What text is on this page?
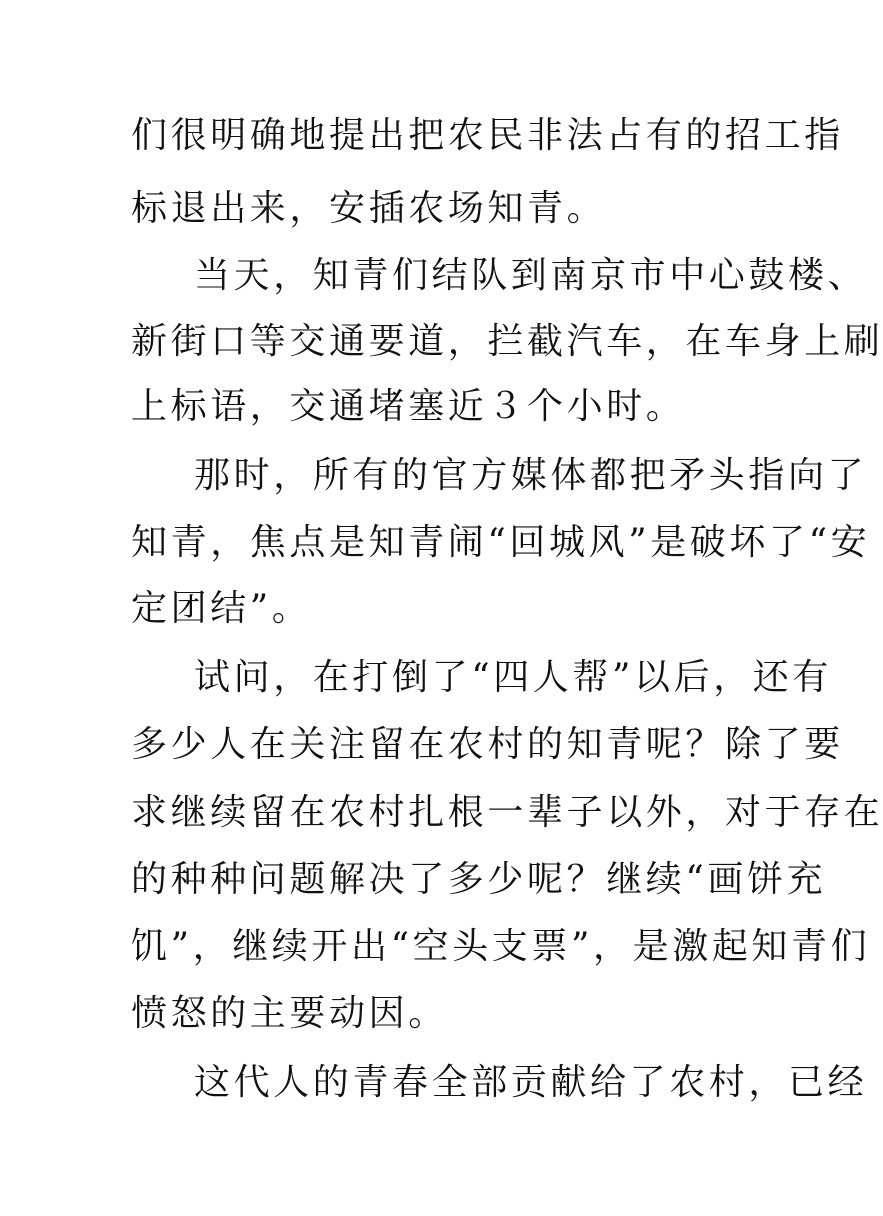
们很明确地提出把农民非法占有的招工指
标退出来，安插农场知青。
当天，知青们结队到南京市中心鼓楼、
新街口等交通要道，拦截汽车，在车身上刷
上标语，交通堵塞近３个小时。
那时，所有的官方媒体都把矛头指向了
知青，焦点是知青闹“回城风”是破坏了“安
定团结”。
试问，在打倒了“四人帮”以后，还有
多少人在关注留在农村的知青呢？除了要
求继续留在农村扎根一辈子以外，对于存在
的种种问题解决了多少呢？继续“画饼充
饥”，继续开出“空头支票”，是激起知青们
愤怒的主要动因。
这代人的青春全部贡献给了农村，已经
